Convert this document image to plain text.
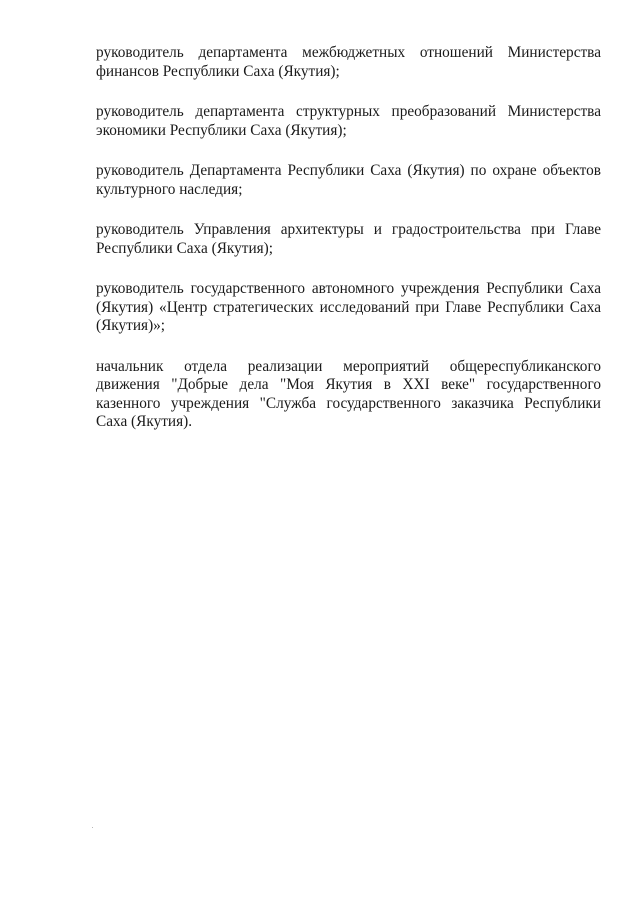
руководитель департамента межбюджетных отношений Министерства финансов Республики Саха (Якутия);

руководитель департамента структурных преобразований Министерства экономики Республики Саха (Якутия);

руководитель Департамента Республики Саха (Якутия) по охране объектов культурного наследия;

руководитель Управления архитектуры и градостроительства при Главе Республики Саха (Якутия);

руководитель государственного автономного учреждения Республики Саха (Якутия) «Центр стратегических исследований при Главе Республики Саха (Якутия)»;

начальник отдела реализации мероприятий общереспубликанского движения "Добрые дела "Моя Якутия в XXI веке" государственного казенного учреждения "Служба государственного заказчика Республики Саха (Якутия).
